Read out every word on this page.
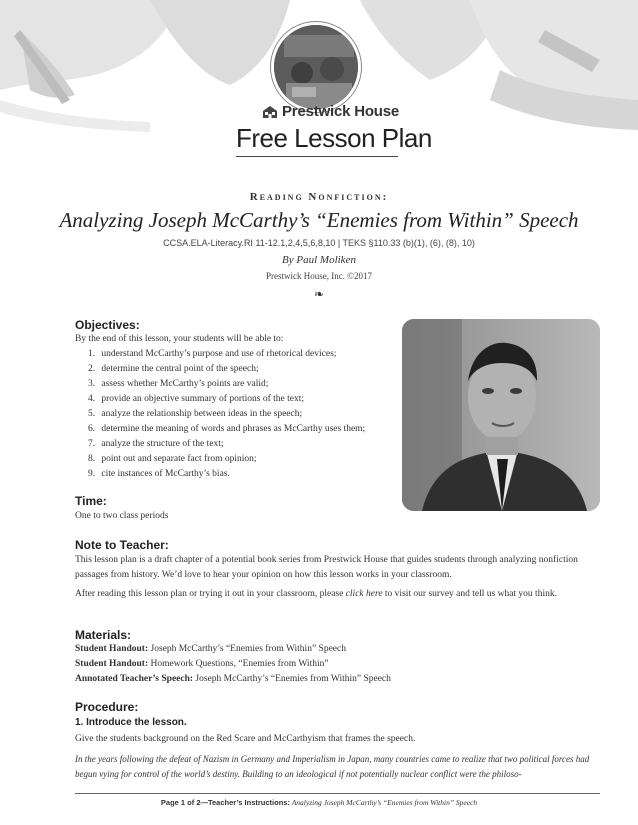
Prestwick House
Free Lesson Plan
Reading Nonfiction:
Analyzing Joseph McCarthy’s “Enemies from Within” Speech
CCSA.ELA-Literacy.RI 11-12.1,2,4,5,6,8,10 | TEKS §110.33 (b)(1), (6), (8), 10)
By Paul Moliken
Prestwick House, Inc. ©2017
❧
Objectives:
By the end of this lesson, your students will be able to:
1. understand McCarthy’s purpose and use of rhetorical devices;
2. determine the central point of the speech;
3. assess whether McCarthy’s points are valid;
4. provide an objective summary of portions of the text;
5. analyze the relationship between ideas in the speech;
6. determine the meaning of words and phrases as McCarthy uses them;
7. analyze the structure of the text;
8. point out and separate fact from opinion;
9. cite instances of McCarthy’s bias.
Time:
One to two class periods
Note to Teacher:
This lesson plan is a draft chapter of a potential book series from Prestwick House that guides students through analyzing nonfiction passages from history. We’d love to hear your opinion on how this lesson works in your classroom.
After reading this lesson plan or trying it out in your classroom, please click here to visit our survey and tell us what you think.
Materials:
Student Handout: Joseph McCarthy’s “Enemies from Within” Speech
Student Handout: Homework Questions, “Enemies from Within”
Annotated Teacher’s Speech: Joseph McCarthy’s “Enemies from Within” Speech
Procedure:
1. Introduce the lesson.
Give the students background on the Red Scare and McCarthyism that frames the speech.
In the years following the defeat of Nazism in Germany and Imperialism in Japan, many countries came to realize that two political forces had begun vying for control of the world’s destiny. Building to an ideological if not potentially nuclear conflict were the philoso-
Page 1 of 2—Teacher’s Instructions: Analyzing Joseph McCarthy’s “Enemies from Within” Speech
